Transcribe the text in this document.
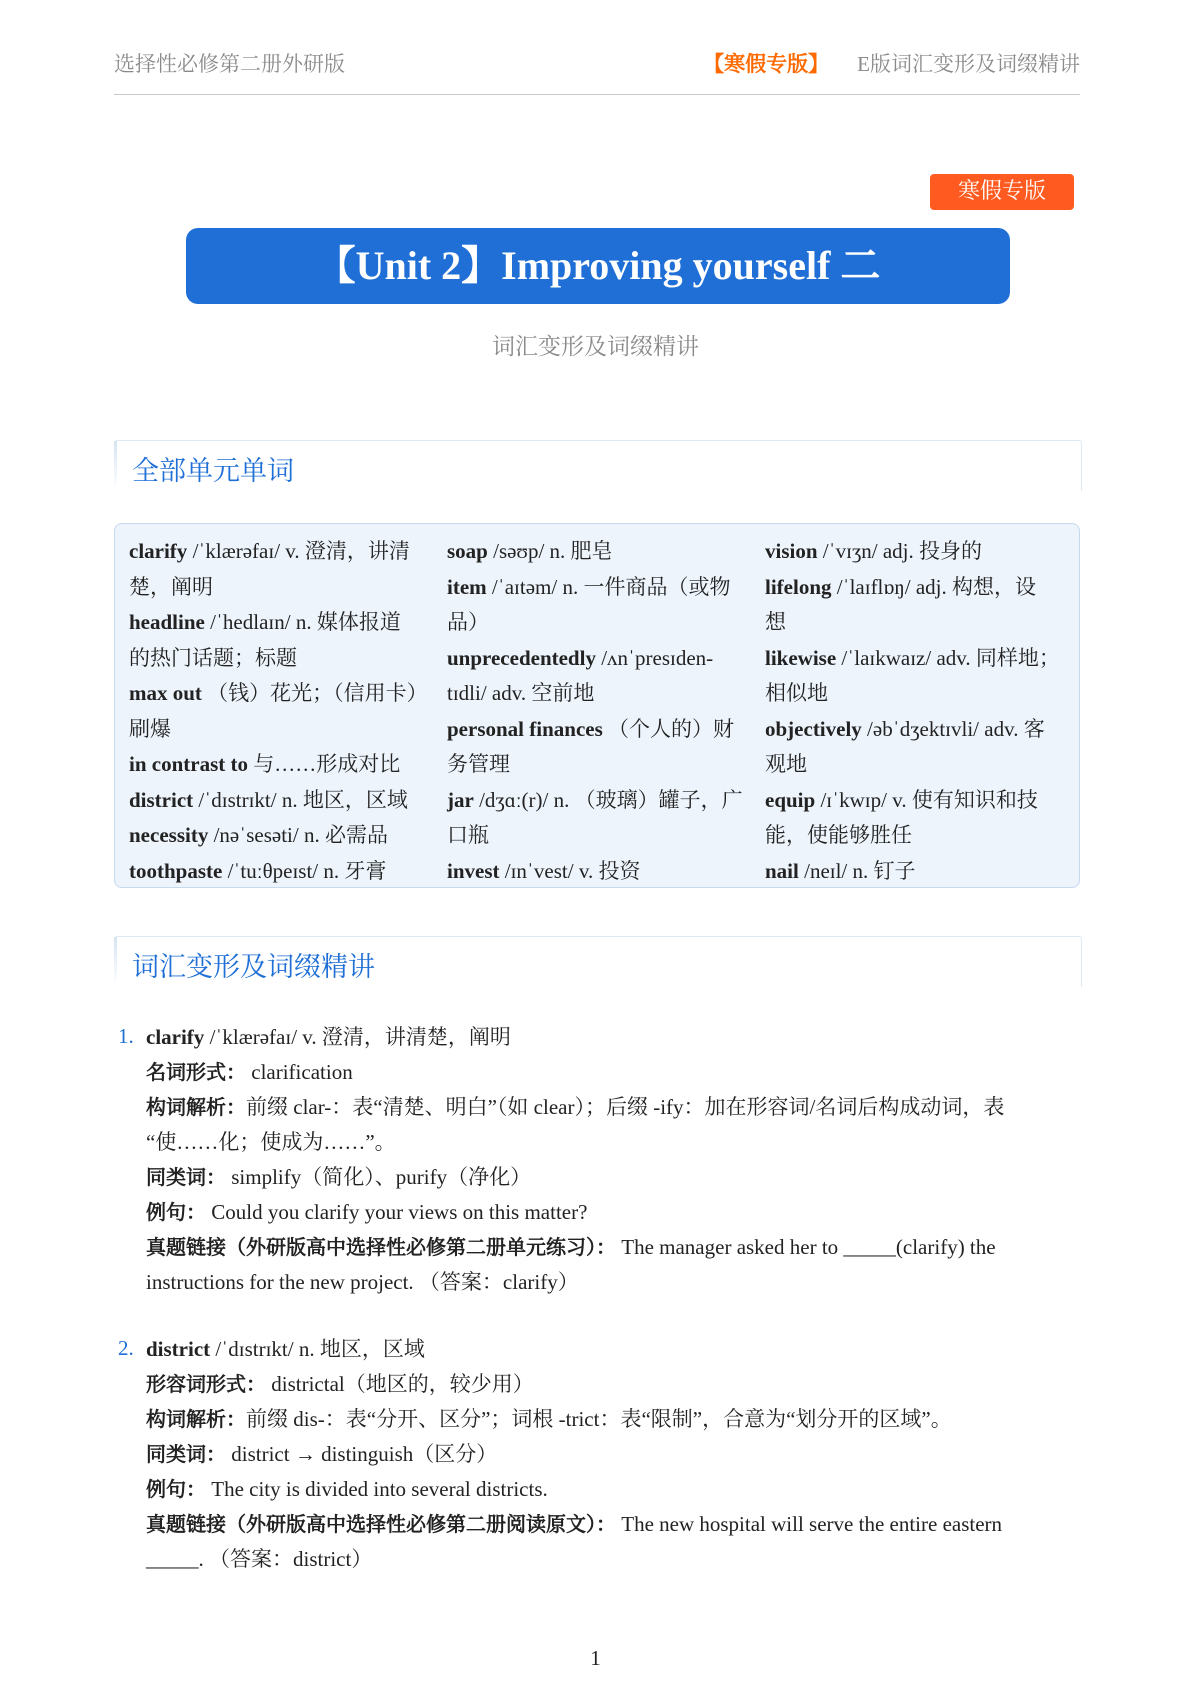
选择性必修第二册外研版	【寒假专版】 E版词汇变形及词缀精讲
寒假专版
【Unit 2】Improving yourself 二
词汇变形及词缀精讲
全部单元单词

clarify /ˈklærəfaɪ/ v. 澄清，讲清

楚，阐明

headline /ˈhedlaɪn/ n. 媒体报道

的热门话题；标题

max out （钱）花光；（信用卡）

刷爆

in contrast to 与……形成对比

district /ˈdɪstrɪkt/ n. 地区，区域

necessity /nəˈsesəti/ n. 必需品

toothpaste /ˈtuːθpeɪst/ n. 牙膏

soap /səʊp/ n. 肥皂

item /ˈaɪtəm/ n. 一件商品（或物

品）

unprecedentedly /ʌnˈpresɪden-

tɪdli/ adv. 空前地

personal finances （个人的）财

务管理

jar /dʒɑː(r)/ n. （玻璃）罐子，广

口瓶

invest /ɪnˈvest/ v. 投资

vision /ˈvɪʒn/ adj. 投身的

lifelong /ˈlaɪflɒŋ/ adj. 构想，设

想

likewise /ˈlaɪkwaɪz/ adv. 同样地；

相似地

objectively /əbˈdʒektɪvli/ adv. 客

观地

equip /ɪˈkwɪp/ v. 使有知识和技

能，使能够胜任

nail /neɪl/ n. 钉子

词汇变形及词缀精讲
1. clarify /ˈklærəfaɪ/ v. 澄清，讲清楚，阐明
名词形式： clarification
构词解析：前缀 clar-：表“清楚、明白”（如 clear）；后缀 -ify：加在形容词/名词后构成动词，表
“使……化；使成为……”。
同类词： simplify（简化）、purify（净化）
例句： Could you clarify your views on this matter?
真题链接（外研版高中选择性必修第二册单元练习）： The manager asked her to _____(clarify) the
instructions for the new project. （答案：clarify）
2. district /ˈdɪstrɪkt/ n. 地区，区域
形容词形式： districtal（地区的，较少用）
构词解析：前缀 dis-：表“分开、区分”；词根 -trict：表“限制”，合意为“划分开的区域”。
同类词： district → distinguish（区分）
例句： The city is divided into several districts.
真题链接（外研版高中选择性必修第二册阅读原文）： The new hospital will serve the entire eastern
_____. （答案：district）
1
